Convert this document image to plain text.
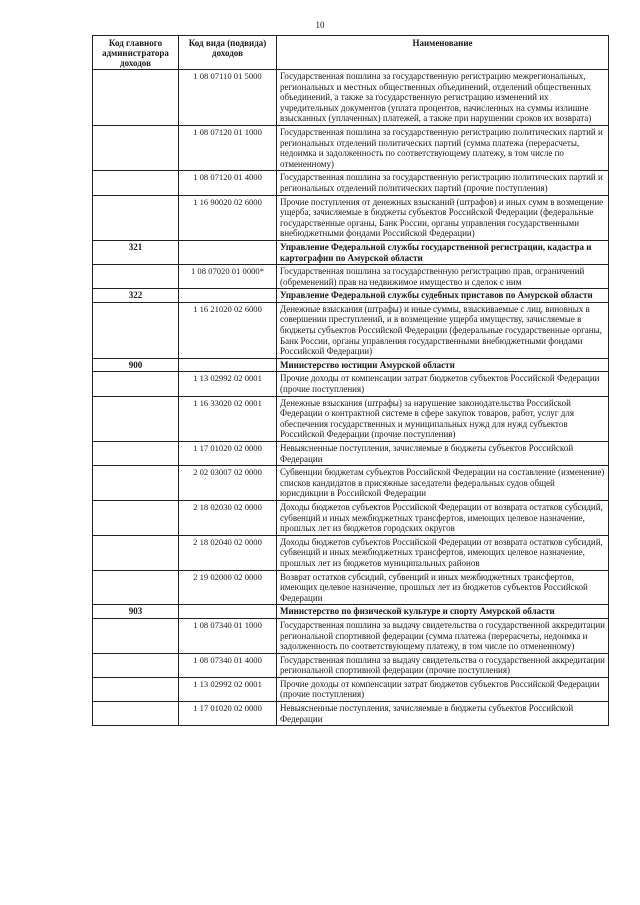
10
Код главного администратора доходов	Код вида (подвида) доходов	Наименование
	1 08 07110 01 5000	Государственная пошлина за государственную регистрацию межрегиональных, региональных и местных общественных объединений, отделений общественных объединений, а также за государственную регистрацию изменений их учредительных документов (уплата процентов, начисленных на суммы излишне взысканных (уплаченных) платежей, а также при нарушении сроков их возврата)
	1 08 07120 01 1000	Государственная пошлина за государственную регистрацию политических партий и региональных отделений политических партий (сумма платежа (перерасчеты, недоимка и задолженность по соответствующему платежу, в том числе по отмененному)
	1 08 07120 01 4000	Государственная пошлина за государственную регистрацию политических партий и региональных отделений политических партий (прочие поступления)
	1 16 90020 02 6000	Прочие поступления от денежных взысканий (штрафов) и иных сумм в возмещение ущерба, зачисляемые в бюджеты субъектов Российской Федерации (федеральные государственные органы, Банк России, органы управления государственными внебюджетными фондами Российской Федерации)
321		Управление Федеральной службы государственной регистрации, кадастра и картографии по Амурской области
	1 08 07020 01 0000*	Государственная пошлина за государственную регистрацию прав, ограничений (обременений) прав на недвижимое имущество и сделок с ним
322		Управление Федеральной службы судебных приставов по Амурской области
	1 16 21020 02 6000	Денежные взыскания (штрафы) и иные суммы, взыскиваемые с лиц, виновных в совершении преступлений, и в возмещение ущерба имуществу, зачисляемые в бюджеты субъектов Российской Федерации (федеральные государственные органы, Банк России, органы управления государственными внебюджетными фондами Российской Федерации)
900		Министерство юстиции Амурской области
	1 13 02992 02 0001	Прочие доходы от компенсации затрат бюджетов субъектов Российской Федерации (прочие поступления)
	1 16 33020 02 0001	Денежные взыскания (штрафы) за нарушение законодательства Российской Федерации о контрактной системе в сфере закупок товаров, работ, услуг для обеспечения государственных и муниципальных нужд для нужд субъектов Российской Федерации (прочие поступления)
	1 17 01020 02 0000	Невыясненные поступления, зачисляемые в бюджеты субъектов Российской Федерации
	2 02 03007 02 0000	Субвенции бюджетам субъектов Российской Федерации на составление (изменение) списков кандидатов в присяжные заседатели федеральных судов общей юрисдикции в Российской Федерации
	2 18 02030 02 0000	Доходы бюджетов субъектов Российской Федерации от возврата остатков субсидий, субвенций и иных межбюджетных трансфертов, имеющих целевое назначение, прошлых лет из бюджетов городских округов
	2 18 02040 02 0000	Доходы бюджетов субъектов Российской Федерации от возврата остатков субсидий, субвенций и иных межбюджетных трансфертов, имеющих целевое назначение, прошлых лет из бюджетов муниципальных районов
	2 19 02000 02 0000	Возврат остатков субсидий, субвенций и иных межбюджетных трансфертов, имеющих целевое назначение, прошлых лет из бюджетов субъектов Российской Федерации
903		Министерство по физической культуре и спорту Амурской области
	1 08 07340 01 1000	Государственная пошлина за выдачу свидетельства о государственной аккредитации региональной спортивной федерации (сумма платежа (перерасчеты, недоимка и задолженность по соответствующему платежу, в том числе по отмененному)
	1 08 07340 01 4000	Государственная пошлина за выдачу свидетельства о государственной аккредитации региональной спортивной федерации (прочие поступления)
	1 13 02992 02 0001	Прочие доходы от компенсации затрат бюджетов субъектов Российской Федерации (прочие поступления)
	1 17 01020 02 0000	Невыясненные поступления, зачисляемые в бюджеты субъектов Российской Федерации
